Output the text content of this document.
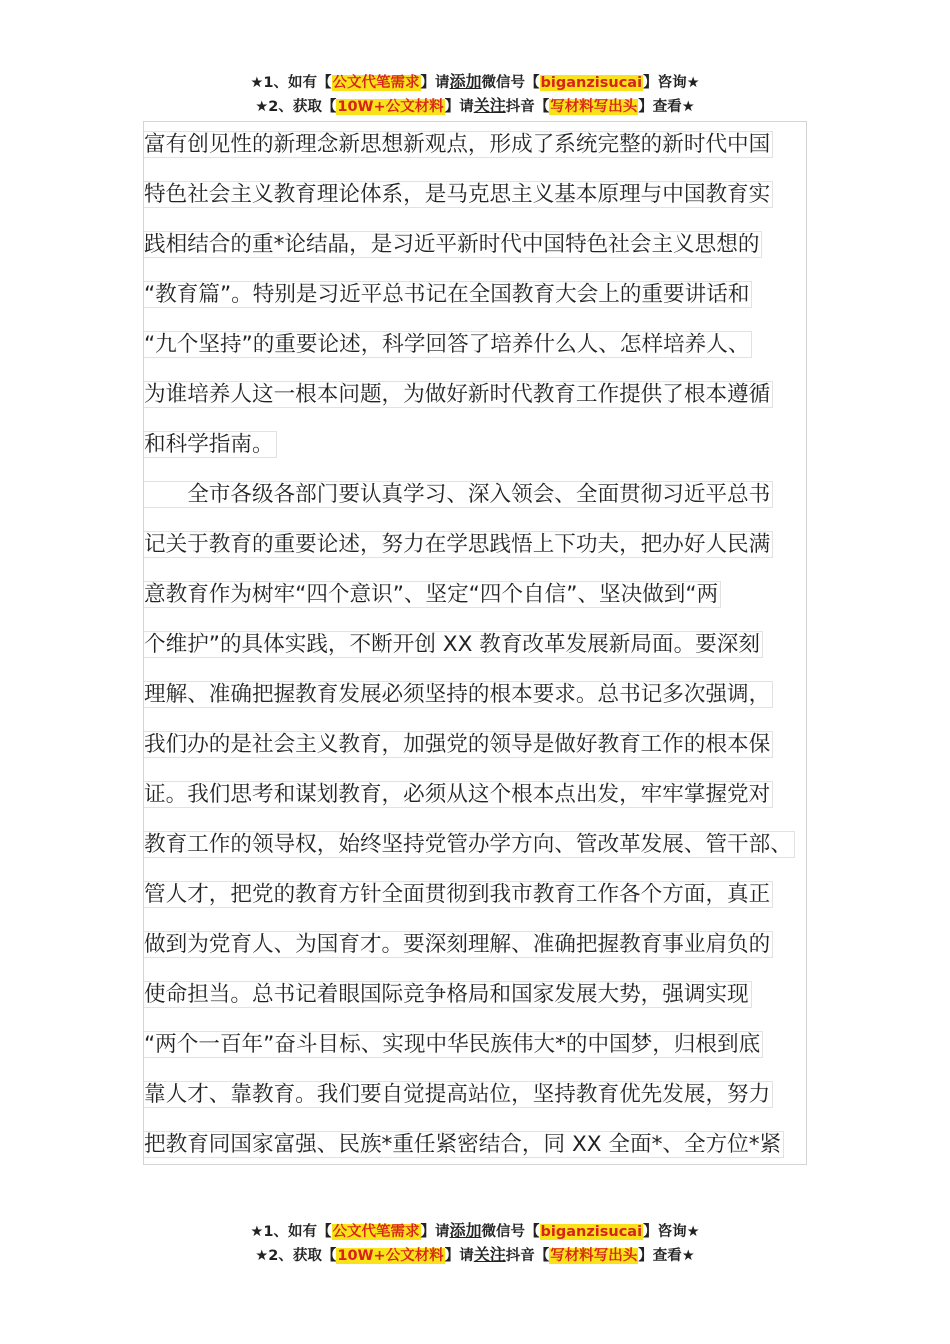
★1、如有【公文代笔需求】请添加微信号【biganzisucai】咨询★
★2、获取【10W+公文材料】请关注抖音【写材料写出头】查看★
富有创见性的新理念新思想新观点，形成了系统完整的新时代中国
特色社会主义教育理论体系，是马克思主义基本原理与中国教育实
践相结合的重*论结晶，是习近平新时代中国特色社会主义思想的
“教育篇”。特别是习近平总书记在全国教育大会上的重要讲话和
“九个坚持”的重要论述，科学回答了培养什么人、怎样培养人、
为谁培养人这一根本问题，为做好新时代教育工作提供了根本遵循
和科学指南。
　　全市各级各部门要认真学习、深入领会、全面贯彻习近平总书
记关于教育的重要论述，努力在学思践悟上下功夫，把办好人民满
意教育作为树牢“四个意识”、坚定“四个自信”、坚决做到“两
个维护”的具体实践，不断开创 XX 教育改革发展新局面。要深刻
理解、准确把握教育发展必须坚持的根本要求。总书记多次强调，
我们办的是社会主义教育，加强党的领导是做好教育工作的根本保
证。我们思考和谋划教育，必须从这个根本点出发，牢牢掌握党对
教育工作的领导权，始终坚持党管办学方向、管改革发展、管干部、
管人才，把党的教育方针全面贯彻到我市教育工作各个方面，真正
做到为党育人、为国育才。要深刻理解、准确把握教育事业肩负的
使命担当。总书记着眼国际竞争格局和国家发展大势，强调实现
“两个一百年”奋斗目标、实现中华民族伟大*的中国梦，归根到底
靠人才、靠教育。我们要自觉提高站位，坚持教育优先发展，努力
把教育同国家富强、民族*重任紧密结合，同 XX 全面*、全方位*紧
★1、如有【公文代笔需求】请添加微信号【biganzisucai】咨询★
★2、获取【10W+公文材料】请关注抖音【写材料写出头】查看★
